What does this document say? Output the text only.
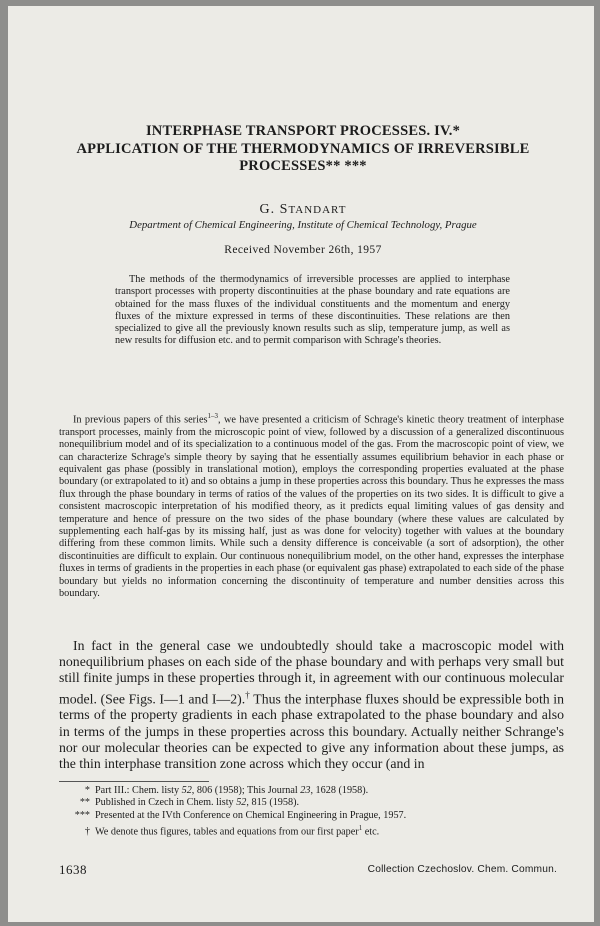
INTERPHASE TRANSPORT PROCESSES. IV.*
APPLICATION OF THE THERMODYNAMICS OF IRREVERSIBLE
PROCESSES** ***
G. STANDART
Department of Chemical Engineering, Institute of Chemical Technology, Prague
Received November 26th, 1957

The methods of the thermodynamics of irreversible processes are applied to interphase transport processes with property discontinuities at the phase boundary and rate equations are obtained for the mass fluxes of the individual constituents and the momentum and energy fluxes of the mixture expressed in terms of these discontinuities. These relations are then specialized to give all the previously known results such as slip, temperature jump, as well as new results for diffusion etc. and to permit comparison with Schrage's theories.

In previous papers of this series$^{1-3}$, we have presented a criticism of Schrage's kinetic theory treatment of interphase transport processes, mainly from the microscopic point of view, followed by a discussion of a generalized discontinuous nonequilibrium model and of its specialization to a continuous model of the gas. From the macroscopic point of view, we can characterize Schrage's simple theory by saying that he essentially assumes equilibrium behavior in each phase or equivalent gas phase (possibly in translational motion), employs the corresponding properties evaluated at the phase boundary (or extrapolated to it) and so obtains a jump in these properties across this boundary. Thus he expresses the mass flux through the phase boundary in terms of ratios of the values of the properties on its two sides. It is difficult to give a consistent macroscopic interpretation of his modified theory, as it predicts equal limiting values of gas density and temperature and hence of pressure on the two sides of the phase boundary (where these values are calculated by supplementing each half-gas by its missing half, just as was done for velocity) together with values at the boundary differing from these common limits. While such a density difference is conceivable (a sort of adsorption), the other discontinuities are difficult to explain. Our continuous nonequilibrium model, on the other hand, expresses the interphase fluxes in terms of gradients in the properties in each phase (or equivalent gas phase) extrapolated to each side of the phase boundary but yields no information concerning the discontinuity of temperature and number densities across this boundary.

In fact in the general case we undoubtedly should take a macroscopic model with nonequilibrium phases on each side of the phase boundary and with perhaps very small but still finite jumps in these properties through it, in agreement with our continuous molecular model. (See Figs. I—1 and I—2).† Thus the interphase fluxes should be expressible both in terms of the property gradients in each phase extrapolated to the phase boundary and also in terms of the jumps in these properties across this boundary. Actually neither Schrange's nor our molecular theories can be expected to give any information about these jumps, as the thin interphase transition zone across which they occur (and in

* Part III.: Chem. listy 52, 806 (1958); This Journal 23, 1628 (1958).
** Published in Czech in Chem. listy 52, 815 (1958).
*** Presented at the IVth Conference on Chemical Engineering in Prague, 1957.
† We denote thus figures, tables and equations from our first paper$^1$ etc.
1638	Collection Czechoslov. Chem. Commun.
